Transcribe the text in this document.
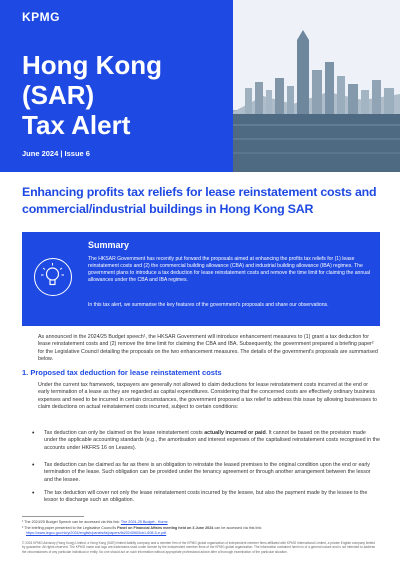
KPMG
Hong Kong (SAR)
Tax Alert
June 2024 | Issue 6
Enhancing profits tax reliefs for lease reinstatement costs and
commercial/industrial buildings in Hong Kong SAR
Summary
The HKSAR Government has recently put forward the proposals aimed at enhancing the profits tax reliefs for (1) lease reinstatement costs and (2) the commercial building allowance (CBA) and industrial building allowance (IBA) regimes. The government plans to introduce a tax deduction for lease reinstatement costs and remove the time limit for claiming the annual allowances under the CBA and IBA regimes.
In this tax alert, we summarise the key features of the government's proposals and share our observations.
As announced in the 2024/25 Budget speech¹, the HKSAR Government will introduce enhancement measures to (1) grant a tax deduction for lease reinstatement costs and (2) remove the time limit for claiming the CBA and IBA. Subsequently, the government prepared a briefing paper² for the Legislative Council detailing the proposals on the two enhancement measures. The details of the government's proposals are summarised below.
1. Proposed tax deduction for lease reinstatement costs
Under the current tax framework, taxpayers are generally not allowed to claim deductions for lease reinstatement costs incurred at the end or early termination of a lease as they are regarded as capital expenditures. Considering that the concerned costs are effectively ordinary business expenses and need to be incurred in certain circumstances, the government proposed a tax relief to address this issue by allowing businesses to claim deductions on actual reinstatement costs incurred, subject to certain conditions:
• Tax deduction can only be claimed on the lease reinstatement costs actually incurred or paid. It cannot be based on the provision made under the applicable accounting standards (e.g., the amortisation and interest expenses of the capitalised reinstatement costs recognised in the accounts under HKFRS 16 on Leases).
• Tax deduction can be claimed as far as there is an obligation to reinstate the leased premises to the original condition upon the end or early termination of the lease. Such obligation can be provided under the tenancy agreement or through another arrangement between the lessor and the lessee.
• The tax deduction will cover not only the lease reinstatement costs incurred by the lessee, but also the payment made by the lessee to the lessor to discharge such an obligation.
¹ The 2024/25 Budget Speech can be accessed via this link: The 2024-25 Budget - Home
² The briefing paper presented to the Legislative Council's Panel on Financial Affairs meeting held on 3 June 2024 can be accessed via this link:
https://www.legco.gov.hk/yr2024/english/panels/fa/papers/fa20240603cb1-608-5-e.pdf
© 2024 KPMG Advisory (Hong Kong) Limited, a Hong Kong (SAR) limited liability company and a member firm of the KPMG global organization of independent member firms affiliated with KPMG International Limited, a private English company limited by guarantee. All rights reserved. The KPMG name and logo are trademarks used under license by the independent member firms of the KPMG global organization. The information contained herein is of a general nature and is not intended to address the circumstances of any particular individual or entity. No one should act on such information without appropriate professional advice after a thorough examination of the particular situation.
